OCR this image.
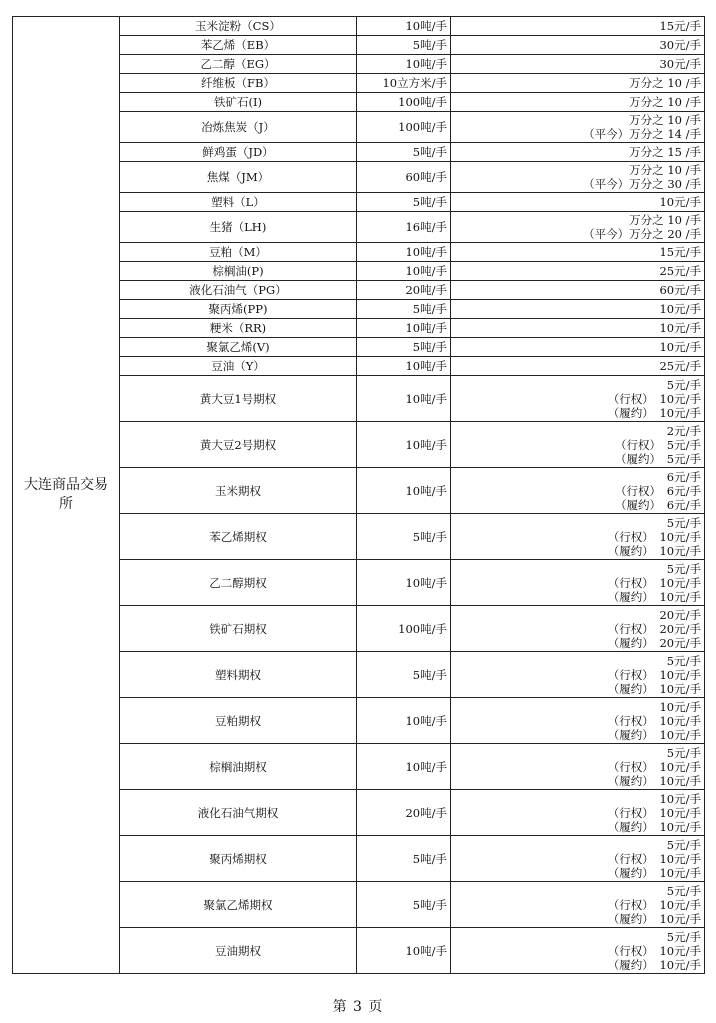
大连商品交易所	玉米淀粉（CS）	10吨/手	15元/手

	苯乙烯（EB）	5吨/手	30元/手

	乙二醇（EG）	10吨/手	30元/手

	纤维板（FB）	10立方米/手	万分之 10 /手

	铁矿石(I)	100吨/手	万分之 10 /手

	冶炼焦炭（J）	100吨/手	万分之 10 /手
（平今）万分之 14 /手

	鲜鸡蛋（JD）	5吨/手	万分之 15 /手

	焦煤（JM）	60吨/手	万分之 10 /手
（平今）万分之 30 /手

	塑料（L）	5吨/手	10元/手

	生猪（LH)	16吨/手	万分之 10 /手
（平今）万分之 20 /手

	豆粕（M）	10吨/手	15元/手

	棕榈油(P)	10吨/手	25元/手

	液化石油气（PG）	20吨/手	60元/手

	聚丙烯(PP)	5吨/手	10元/手

	粳米（RR)	10吨/手	10元/手

	聚氯乙烯(V)	5吨/手	10元/手

	豆油（Y）	10吨/手	25元/手

	黄大豆1号期权	10吨/手	5元/手
（行权）　10元/手
（履约）　10元/手

	黄大豆2号期权	10吨/手	2元/手
（行权）　5元/手
（履约）　5元/手

	玉米期权	10吨/手	6元/手
（行权）　6元/手
（履约）　6元/手

	苯乙烯期权	5吨/手	5元/手
（行权）　10元/手
（履约）　10元/手

	乙二醇期权	10吨/手	5元/手
（行权）　10元/手
（履约）　10元/手

	铁矿石期权	100吨/手	20元/手
（行权）　20元/手
（履约）　20元/手

	塑料期权	5吨/手	5元/手
（行权）　10元/手
（履约）　10元/手

	豆粕期权	10吨/手	10元/手
（行权）　10元/手
（履约）　10元/手

	棕榈油期权	10吨/手	5元/手
（行权）　10元/手
（履约）　10元/手

	液化石油气期权	20吨/手	10元/手
（行权）　10元/手
（履约）　10元/手

	聚丙烯期权	5吨/手	5元/手
（行权）　10元/手
（履约）　10元/手

	聚氯乙烯期权	5吨/手	5元/手
（行权）　10元/手
（履约）　10元/手

	豆油期权	10吨/手	5元/手
（行权）　10元/手
（履约）　10元/手
第 3 页
